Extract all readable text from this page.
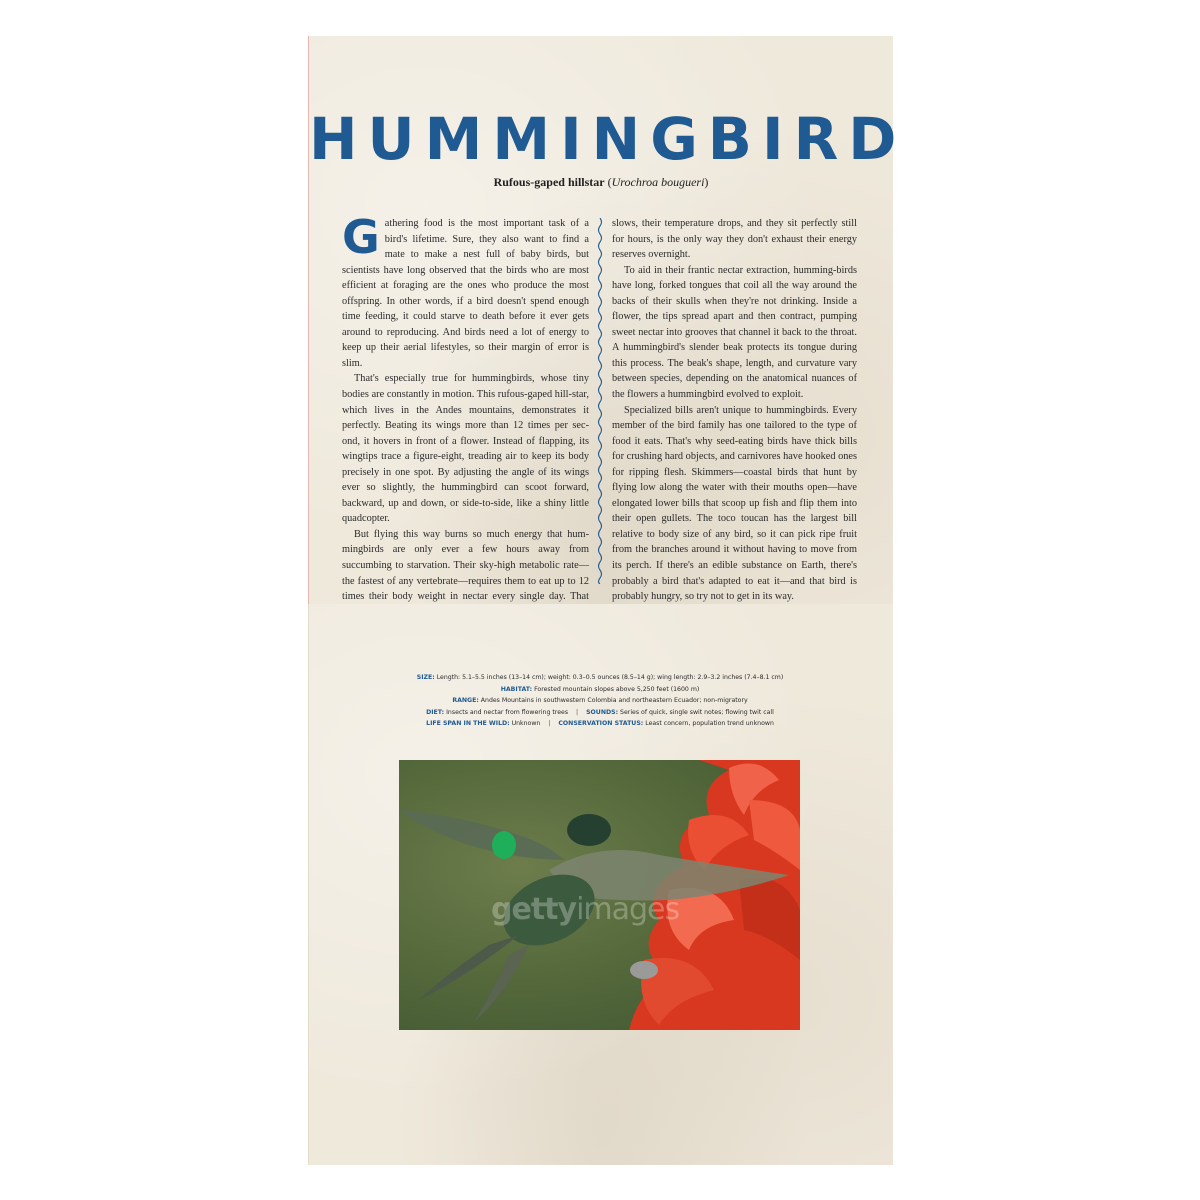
HUMMINGBIRD
Rufous-gaped hillstar (Urochroa bougueri)

Gathering food is the most important task of a bird's lifetime. Sure, they also want to find a mate to make a nest full of baby birds, but scientists have long observed that the birds who are most efficient at foraging are the ones who produce the most offspring. In other words, if a bird doesn't spend enough time feeding, it could starve to death before it ever gets around to reproducing. And birds need a lot of energy to keep up their aerial lifestyles, so their margin of error is slim.

That's especially true for hummingbirds, whose tiny bodies are constantly in motion. This rufous-gaped hill-star, which lives in the Andes mountains, demonstrates it perfectly. Beating its wings more than 12 times per sec-ond, it hovers in front of a flower. Instead of flapping, its wingtips trace a figure-eight, treading air to keep its body precisely in one spot. By adjusting the angle of its wings ever so slightly, the hummingbird can scoot forward, backward, up and down, or side-to-side, like a shiny little quadcopter.

But flying this way burns so much energy that hum-mingbirds are only ever a few hours away from succumbing to starvation. Their sky-high metabolic rate—the fastest of any vertebrate—requires them to eat up to 12 times their body weight in nectar every single day. That

slows, their temperature drops, and they sit perfectly still for hours, is the only way they don't exhaust their energy reserves overnight.

To aid in their frantic nectar extraction, humming-birds have long, forked tongues that coil all the way around the backs of their skulls when they're not drinking. Inside a flower, the tips spread apart and then contract, pumping sweet nectar into grooves that channel it back to the throat. A hummingbird's slender beak protects its tongue during this process. The beak's shape, length, and curvature vary between species, depending on the anatomical nuances of the flowers a hummingbird evolved to exploit.

Specialized bills aren't unique to hummingbirds. Every member of the bird family has one tailored to the type of food it eats. That's why seed-eating birds have thick bills for crushing hard objects, and carnivores have hooked ones for ripping flesh. Skimmers—coastal birds that hunt by flying low along the water with their mouths open—have elongated lower bills that scoop up fish and flip them into their open gullets. The toco toucan has the largest bill relative to body size of any bird, so it can pick ripe fruit from the branches around it without having to move from its perch. If there's an edible substance on Earth, there's probably a bird that's adapted to eat it—and that bird is probably hungry, so try not to get in its way.

SIZE: Length: 5.1–5.5 inches (13–14 cm); weight: 0.3–0.5 ounces (8.5–14 g); wing length: 2.9–3.2 inches (7.4–8.1 cm)
HABITAT: Forested mountain slopes above 5,250 feet (1600 m)
RANGE: Andes Mountains in southwestern Colombia and northeastern Ecuador; non-migratory
DIET: Insects and nectar from flowering trees | SOUNDS: Series of quick, single swit notes; flowing twit call
LIFE SPAN IN THE WILD: Unknown | CONSERVATION STATUS: Least concern, population trend unknown
gettyimages
